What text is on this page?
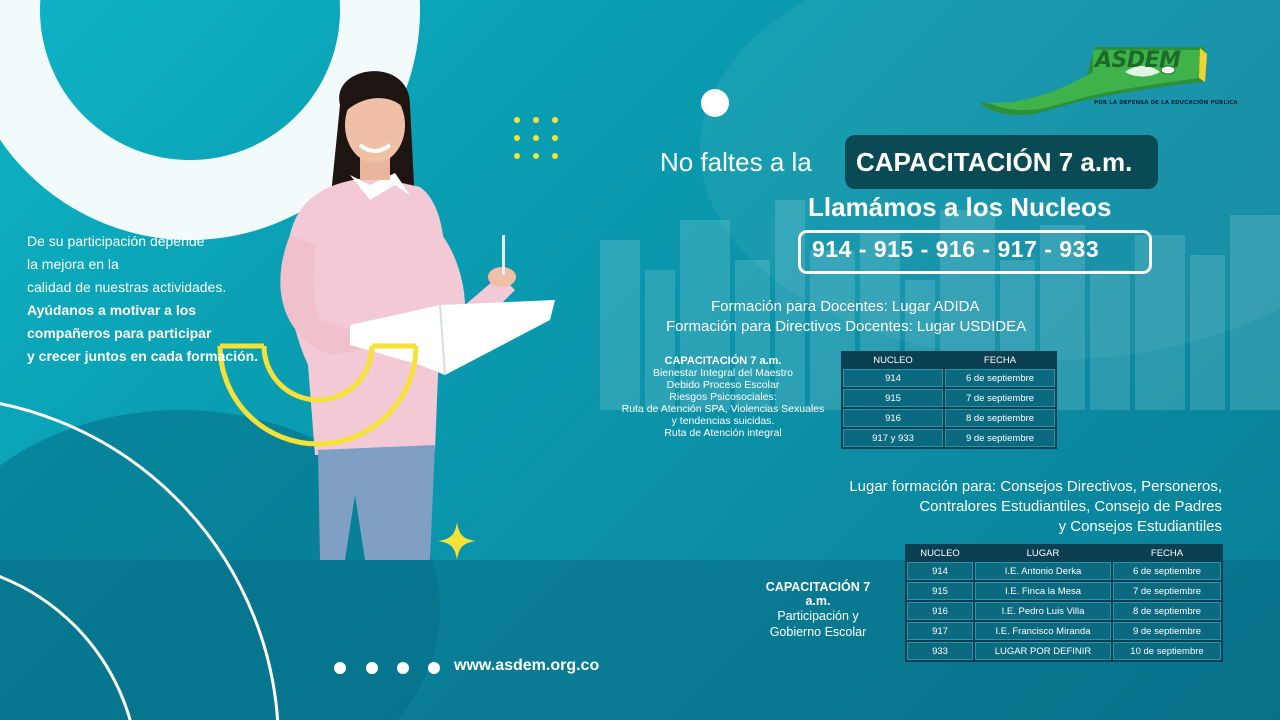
ASDEM
POR LA DEFENSA DE LA EDUCACIÓN PÚBLICA
No faltes a la CAPACITACIÓN 7 a.m.
Llamámos a los Nucleos
914 - 915 - 916 - 917 - 933
Formación para Docentes: Lugar ADIDA
Formación para Directivos Docentes: Lugar USDIDEA
De su participación depende
la mejora en la
calidad de nuestras actividades.
Ayúdanos a motivar a los
compañeros para participar
y crecer juntos en cada formación.	CAPACITACIÓN 7 a.m.
Bienestar Integral del Maestro
Debido Proceso Escolar
Riesgos Psicosociales:
Ruta de Atención SPA, Violencias Sexuales
y tendencias suicidas.
Ruta de Atención integral
NUCLEO	FECHA
914	6 de septiembre
915	7 de septiembre
916	8 de septiembre
917 y 933	9 de septiembre
Lugar formación para: Consejos Directivos, Personeros,
Contralores Estudiantiles, Consejo de Padres
y Consejos Estudiantiles
CAPACITACIÓN 7 a.m.
Participación y
Gobierno Escolar
NUCLEO	LUGAR	FECHA
914	I.E. Antonio Derka	6 de septiembre
915	I.E. Finca la Mesa	7 de septiembre
916	I.E. Pedro Luis Villa	8 de septiembre
917	I.E. Francisco Miranda	9 de septiembre
933	LUGAR POR DEFINIR	10 de septiembre
www.asdem.org.co
